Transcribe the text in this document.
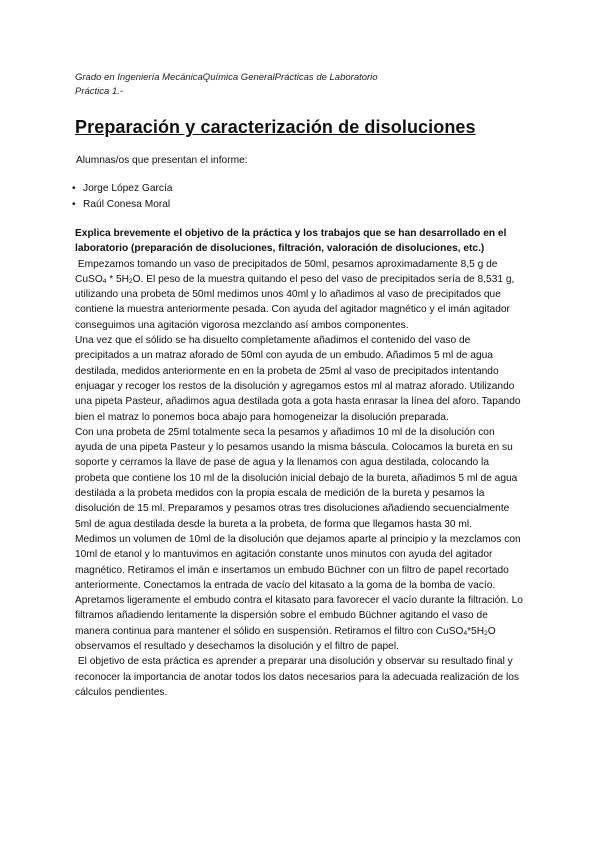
Grado en Ingeniería MecánicaQuímica GeneralPrácticas de Laboratorio
Práctica 1.-
Preparación y caracterización de disoluciones
Alumnas/os que presentan el informe:
• Jorge López García
• Raúl Conesa Moral

Explica brevemente el objetivo de la práctica y los trabajos que se han desarrollado en el laboratorio (preparación de disoluciones, filtración, valoración de disoluciones, etc.)

Empezamos tomando un vaso de precipitados de 50ml, pesamos aproximadamente 8,5 g de CuSO$_4$ * $5H_2O$. El peso de la muestra quitando el peso del vaso de precipitados sería de 8,531 g, utilizando una probeta de 50ml medimos unos 40ml y lo añadimos al vaso de precipitados que contiene la muestra anteriormente pesada. Con ayuda del agitador magnético y el imán agitador conseguimos una agitación vigorosa mezclando así ambos componentes.

Una vez que el sólido se ha disuelto completamente añadimos el contenido del vaso de precipitados a un matraz aforado de 50ml con ayuda de un embudo. Añadimos 5 ml de agua destilada, medidos anteriormente en en la probeta de 25ml al vaso de precipitados intentando enjuagar y recoger los restos de la disolución y agregamos estos ml al matraz aforado. Utilizando una pipeta Pasteur, añadimos agua destilada gota a gota hasta enrasar la línea del aforo. Tapando bien el matraz lo ponemos boca abajo para homogeneizar la disolución preparada.

Con una probeta de 25ml totalmente seca la pesamos y añadimos 10 ml de la disolución con ayuda de una pipeta Pasteur y lo pesamos usando la misma báscula. Colocamos la bureta en su soporte y cerramos la llave de pase de agua y la llenamos con agua destilada, colocando la probeta que contiene los 10 ml de la disolución inicial debajo de la bureta, añadimos 5 ml de agua destilada a la probeta medidos con la propia escala de medición de la bureta y pesamos la disolución de 15 ml. Preparamos y pesamos otras tres disoluciones añadiendo secuencialmente 5ml de agua destilada desde la bureta a la probeta, de forma que llegamos hasta 30 ml.

Medimos un volumen de 10ml de la disolución que dejamos aparte al principio y la mezclamos con 10ml de etanol y lo mantuvimos en agitación constante unos minutos con ayuda del agitador magnético. Retiramos el imán e insertamos un embudo Büchner con un filtro de papel recortado anteriormente. Conectamos la entrada de vacío del kitasato a la goma de la bomba de vacío. Apretamos ligeramente el embudo contra el kitasato para favorecer el vacío durante la filtración. Lo filtramos añadiendo lentamente la dispersión sobre el embudo Büchner agitando el vaso de manera continua para mantener el sólido en suspensión. Retiramos el filtro con $CuSO_4*5H_2O$ observamos el resultado y desechamos la disolución y el filtro de papel.

El objetivo de esta práctica es aprender a preparar una disolución y observar su resultado final y reconocer la importancia de anotar todos los datos necesarios para la adecuada realización de los cálculos pendientes.
